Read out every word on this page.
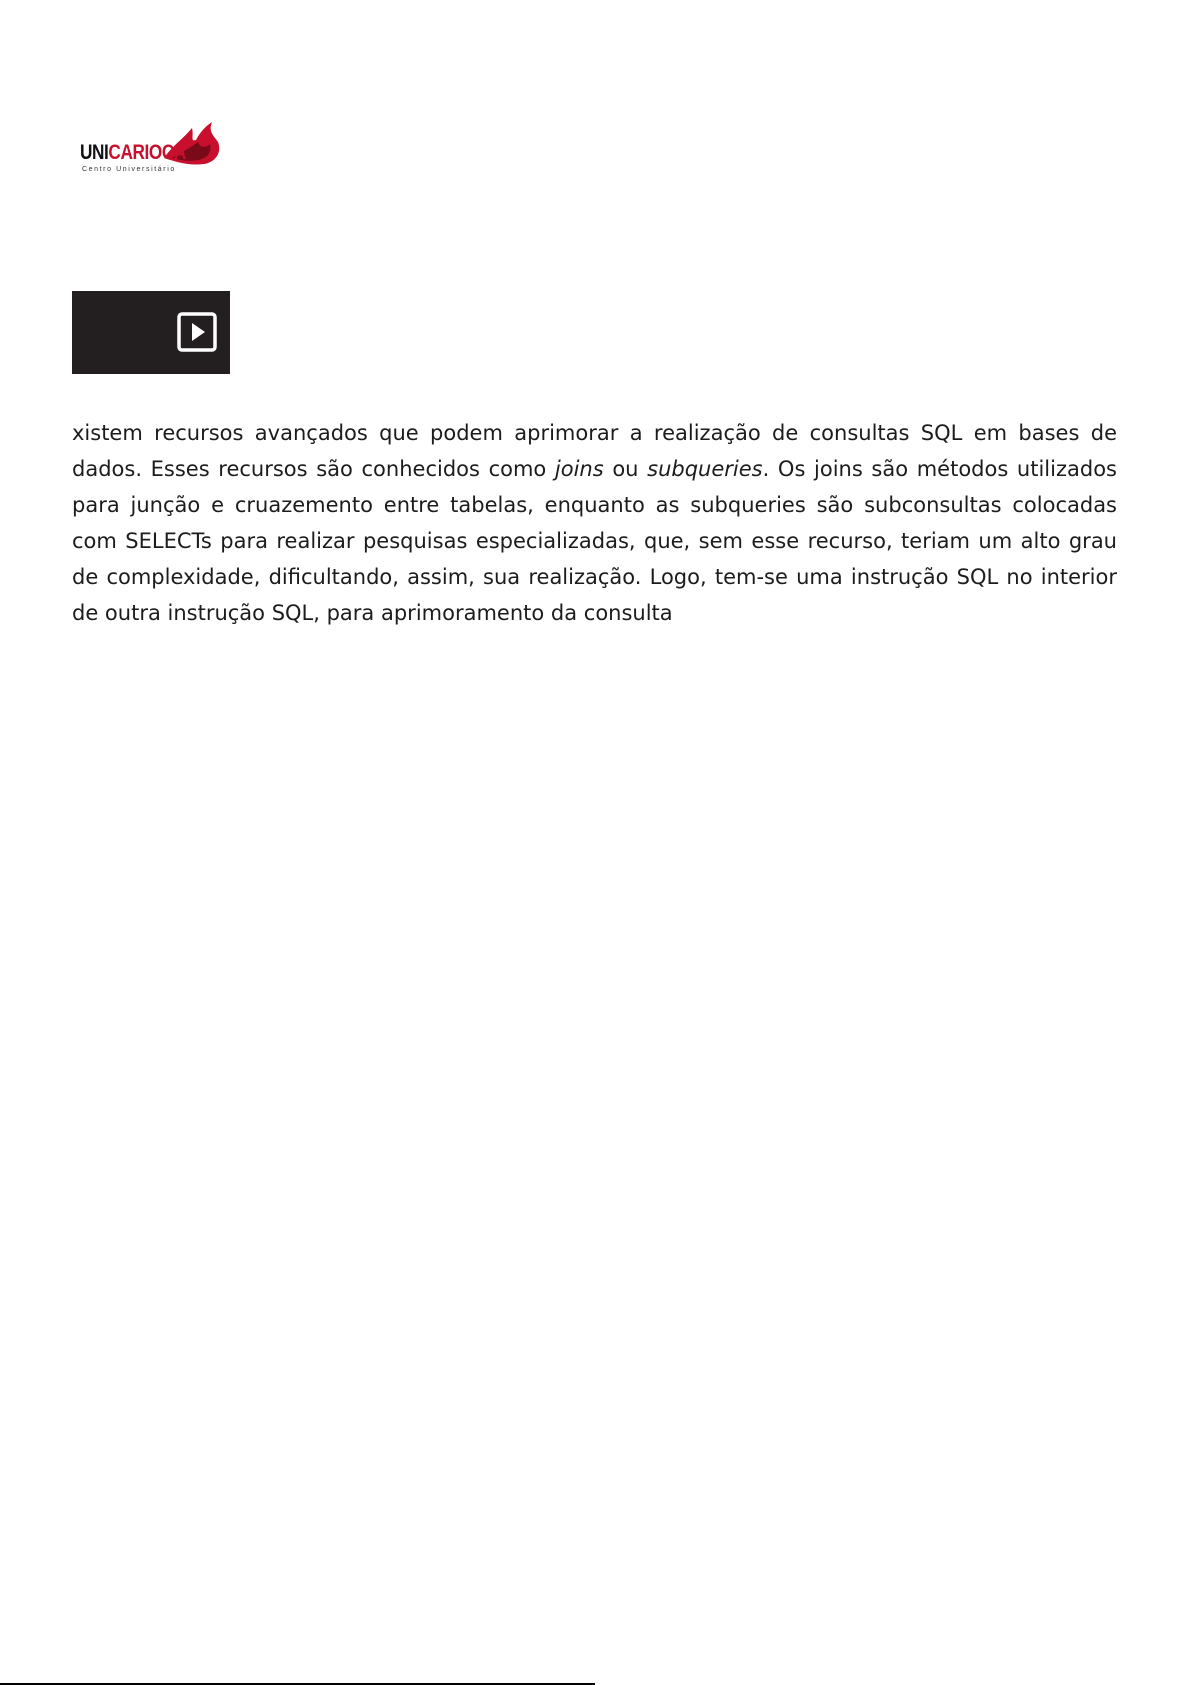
UNICARIOCA
Centro Universitário

xistem recursos avançados que podem aprimorar a realização de consultas SQL em bases de dados. Esses recursos são conhecidos como joins ou subqueries. Os joins são métodos utilizados para junção e cruazemento entre tabelas, enquanto as subqueries são subconsultas colocadas com SELECTs para realizar pesquisas especializadas, que, sem esse recurso, teriam um alto grau de complexidade, dificultando, assim, sua realização. Logo, tem-se uma instrução SQL no interior de outra instrução SQL, para aprimoramento da consulta
